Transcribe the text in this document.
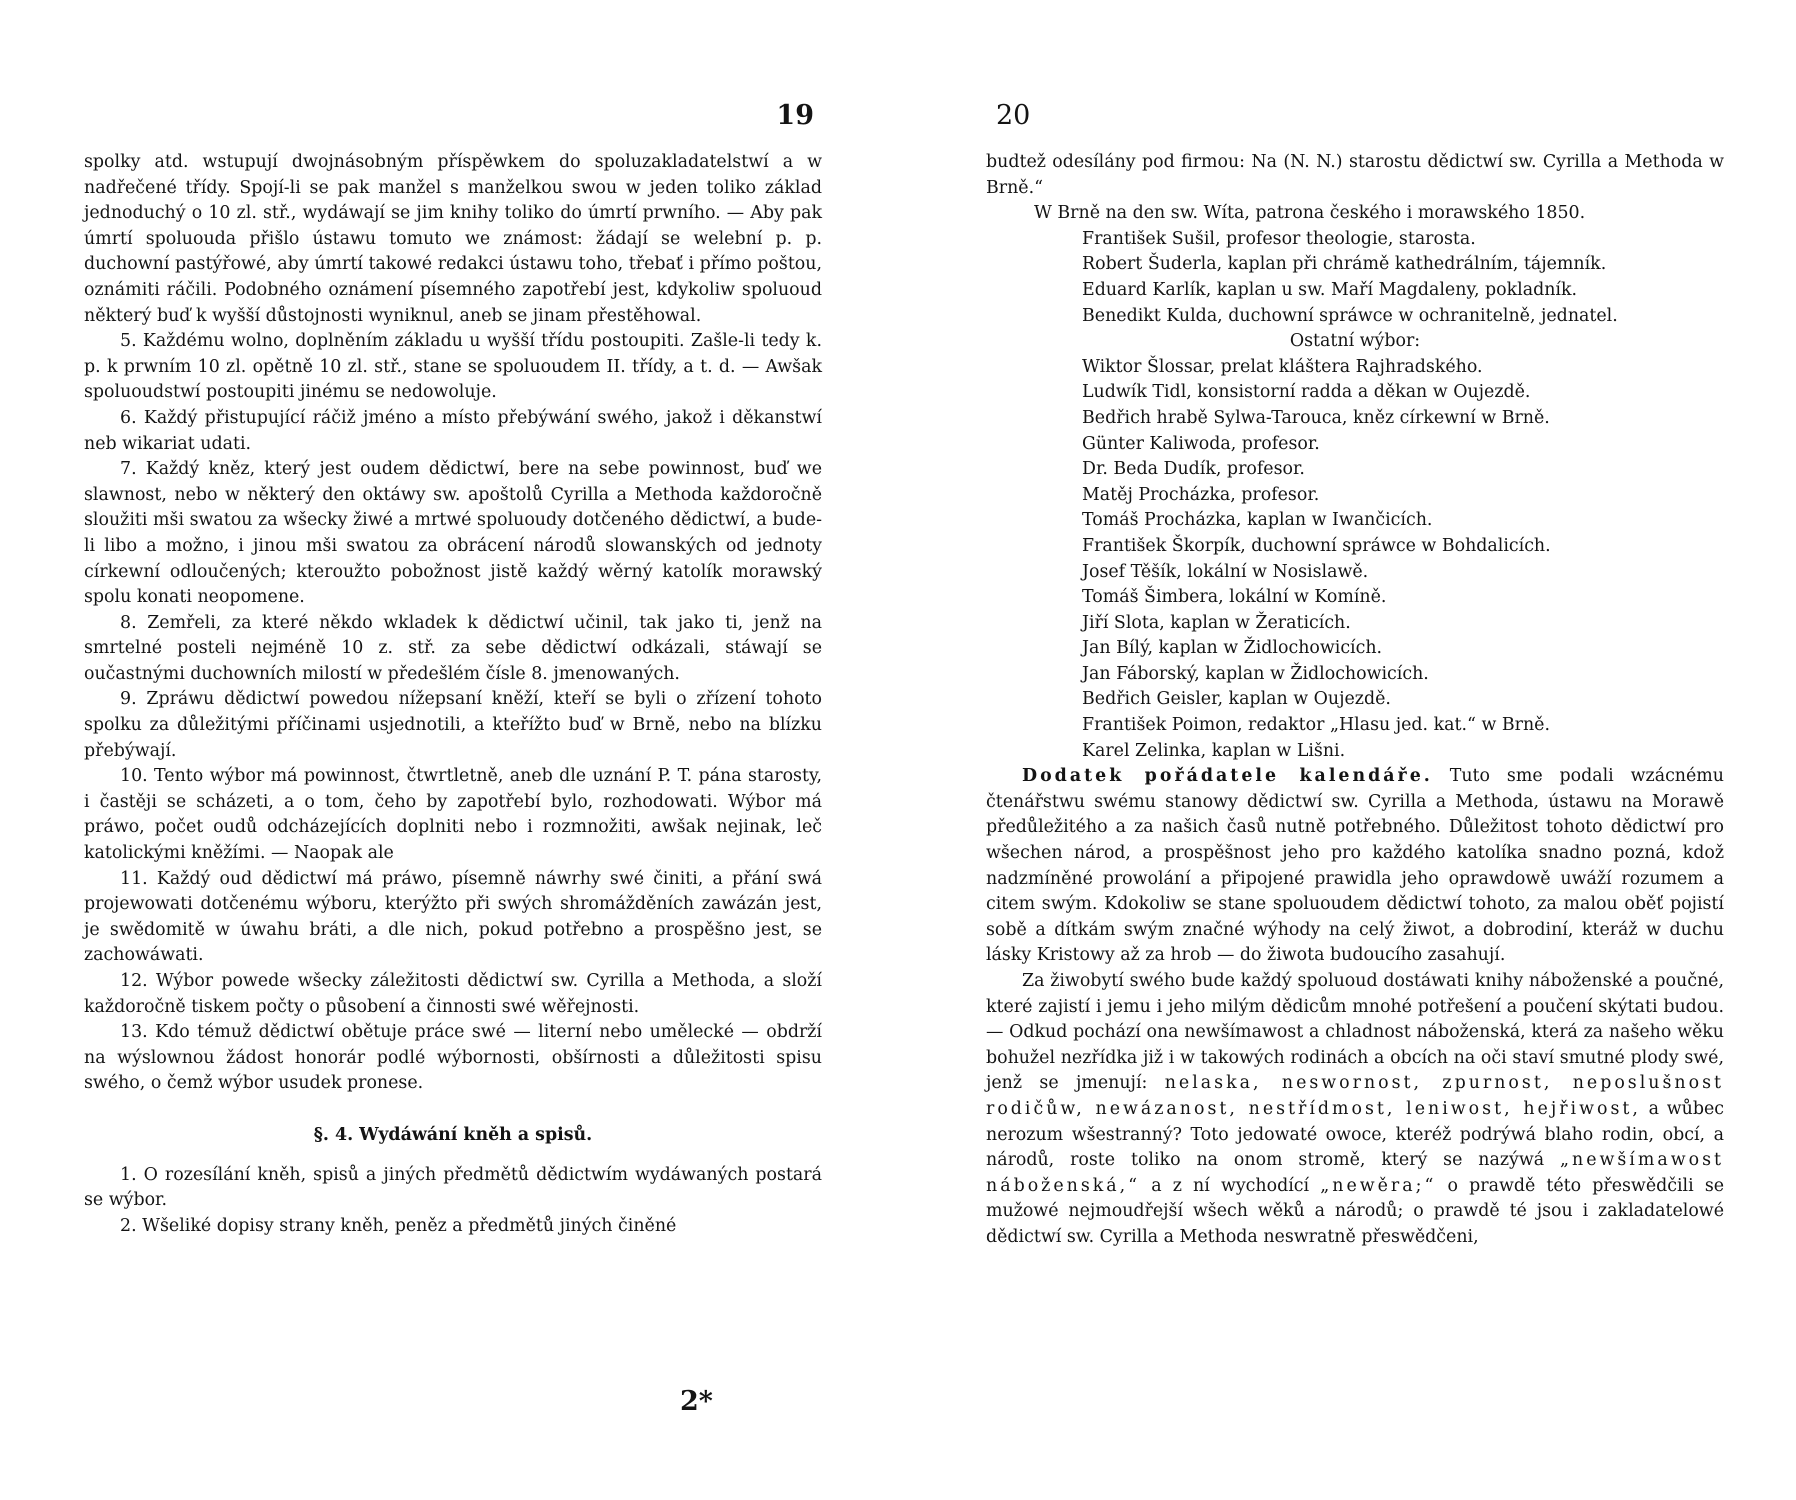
19

spolky atd. wstupují dwojnásobným příspěwkem do spoluzakladatelstwí a w nadřečené třídy. Spojí-li se pak manžel s manželkou swou w jeden toliko základ jednoduchý o 10 zl. stř., wydáwají se jim knihy toliko do úmrtí prwního. — Aby pak úmrtí spoluouda přišlo ústawu tomuto we známost: žádají se welební p. p. duchowní pastýřowé, aby úmrtí takowé redakci ústawu toho, třebať i přímo poštou, oznámiti ráčili. Podobného oznámení písemného zapotřebí jest, kdykoliw spoluoud některý buď k wyšší důstojnosti wyniknul, aneb se jinam přestěhowal.

5. Každému wolno, doplněním základu u wyšší třídu postoupiti. Zašle-li tedy k. p. k prwním 10 zl. opětně 10 zl. stř., stane se spoluoudem II. třídy, a t. d. — Awšak spoluoudstwí postoupiti jinému se nedowoluje.

6. Každý přistupující ráčiž jméno a místo přebýwání swého, jakož i děkanstwí neb wikariat udati.

7. Každý kněz, který jest oudem dědictwí, bere na sebe powinnost, buď we slawnost, nebo w některý den oktáwy sw. apoštolů Cyrilla a Methoda každoročně sloužiti mši swatou za wšecky žiwé a mrtwé spoluoudy dotčeného dědictwí, a bude-li libo a možno, i jinou mši swatou za obrácení národů slowanských od jednoty církewní odloučených; kteroužto pobožnost jistě každý wěrný katolík morawský spolu konati neopomene.

8. Zemřeli, za které někdo wkladek k dědictwí učinil, tak jako ti, jenž na smrtelné posteli nejméně 10 z. stř. za sebe dědictwí odkázali, stáwají se oučastnými duchowních milostí w předešlém čísle 8. jmenowaných.

9. Zpráwu dědictwí powedou nížepsaní kněží, kteří se byli o zřízení tohoto spolku za důležitými příčinami usjednotili, a kteřížto buď w Brně, nebo na blízku přebýwají.

10. Tento wýbor má powinnost, čtwrtletně, aneb dle uznání P. T. pána starosty, i častěji se scházeti, a o tom, čeho by zapotřebí bylo, rozhodowati. Wýbor má práwo, počet oudů odcházejících doplniti nebo i rozmnožiti, awšak nejinak, leč katolickými kněžími. — Naopak ale

11. Každý oud dědictwí má práwo, písemně náwrhy swé činiti, a přání swá projewowati dotčenému wýboru, kterýžto při swých shromážděních zawázán jest, je swědomitě w úwahu bráti, a dle nich, pokud potřebno a prospěšno jest, se zachowáwati.

12. Wýbor powede wšecky záležitosti dědictwí sw. Cyrilla a Methoda, a složí každoročně tiskem počty o působení a činnosti swé wěřejnosti.

13. Kdo témuž dědictwí obětuje práce swé — literní nebo umělecké — obdrží na wýslownou žádost honorár podlé wýbornosti, obšírnosti a důležitosti spisu swého, o čemž wýbor usudek pronese.

§. 4. Wydáwání kněh a spisů.

1. O rozesílání kněh, spisů a jiných předmětů dědictwím wydáwaných postará se wýbor.

2. Wšeliké dopisy strany kněh, peněz a předmětů jiných činěné

2*
20

budtež odesílány pod firmou: Na (N. N.) starostu dědictwí sw. Cyrilla a Methoda w Brně.“

W Brně na den sw. Wíta, patrona českého i morawského 1850.

František Sušil, profesor theologie, starosta.

Robert Šuderla, kaplan při chrámě kathedrálním, tájemník.

Eduard Karlík, kaplan u sw. Maří Magdaleny, pokladník.

Benedikt Kulda, duchowní spráwce w ochranitelně, jednatel.

Ostatní wýbor:

Wiktor Šlossar, prelat kláštera Rajhradského.

Ludwík Tidl, konsistorní radda a děkan w Oujezdě.

Bedřich hrabě Sylwa-Tarouca, kněz církewní w Brně.

Günter Kaliwoda, profesor.

Dr. Beda Dudík, profesor.

Matěj Procházka, profesor.

Tomáš Procházka, kaplan w Iwančicích.

František Škorpík, duchowní spráwce w Bohdalicích.

Josef Těšík, lokální w Nosislawě.

Tomáš Šimbera, lokální w Komíně.

Jiří Slota, kaplan w Žeraticích.

Jan Bílý, kaplan w Židlochowicích.

Jan Fáborský, kaplan w Židlochowicích.

Bedřich Geisler, kaplan w Oujezdě.

František Poimon, redaktor „Hlasu jed. kat.“ w Brně.

Karel Zelinka, kaplan w Lišni.

Dodatek pořádatele kalendáře. Tuto sme podali wzácnému čtenářstwu swému stanowy dědictwí sw. Cyrilla a Methoda, ústawu na Morawě předůležitého a za našich časů nutně potřebného. Důležitost tohoto dědictwí pro wšechen národ, a prospěšnost jeho pro každého katolíka snadno pozná, kdož nadzmíněné prowolání a připojené prawidla jeho oprawdowě uwáží rozumem a citem swým. Kdokoliw se stane spoluoudem dědictwí tohoto, za malou oběť pojistí sobě a dítkám swým značné wýhody na celý žiwot, a dobrodiní, kteráž w duchu lásky Kristowy až za hrob — do žiwota budoucího zasahují.

Za žiwobytí swého bude každý spoluoud dostáwati knihy náboženské a poučné, které zajistí i jemu i jeho milým dědicům mnohé potřešení a poučení skýtati budou. — Odkud pochází ona newšímawost a chladnost náboženská, která za našeho wěku bohužel nezřídka již i w takowých rodinách a obcích na oči staví smutné plody swé, jenž se jmenují: nelaska, neswornost, zpurnost, neposlušnost rodičůw, newázanost, nestřídmost, leniwost, hejřiwost, a wůbec nerozum wšestranný? Toto jedowaté owoce, kteréž podrýwá blaho rodin, obcí, a národů, roste toliko na onom stromě, který se nazýwá „newšímawost náboženská,“ a z ní wychodící „newěra;“ o prawdě této přeswědčili se mužowé nejmoudřejší wšech wěků a národů; o prawdě té jsou i zakladatelowé dědictwí sw. Cyrilla a Methoda neswratně přeswědčeni,
